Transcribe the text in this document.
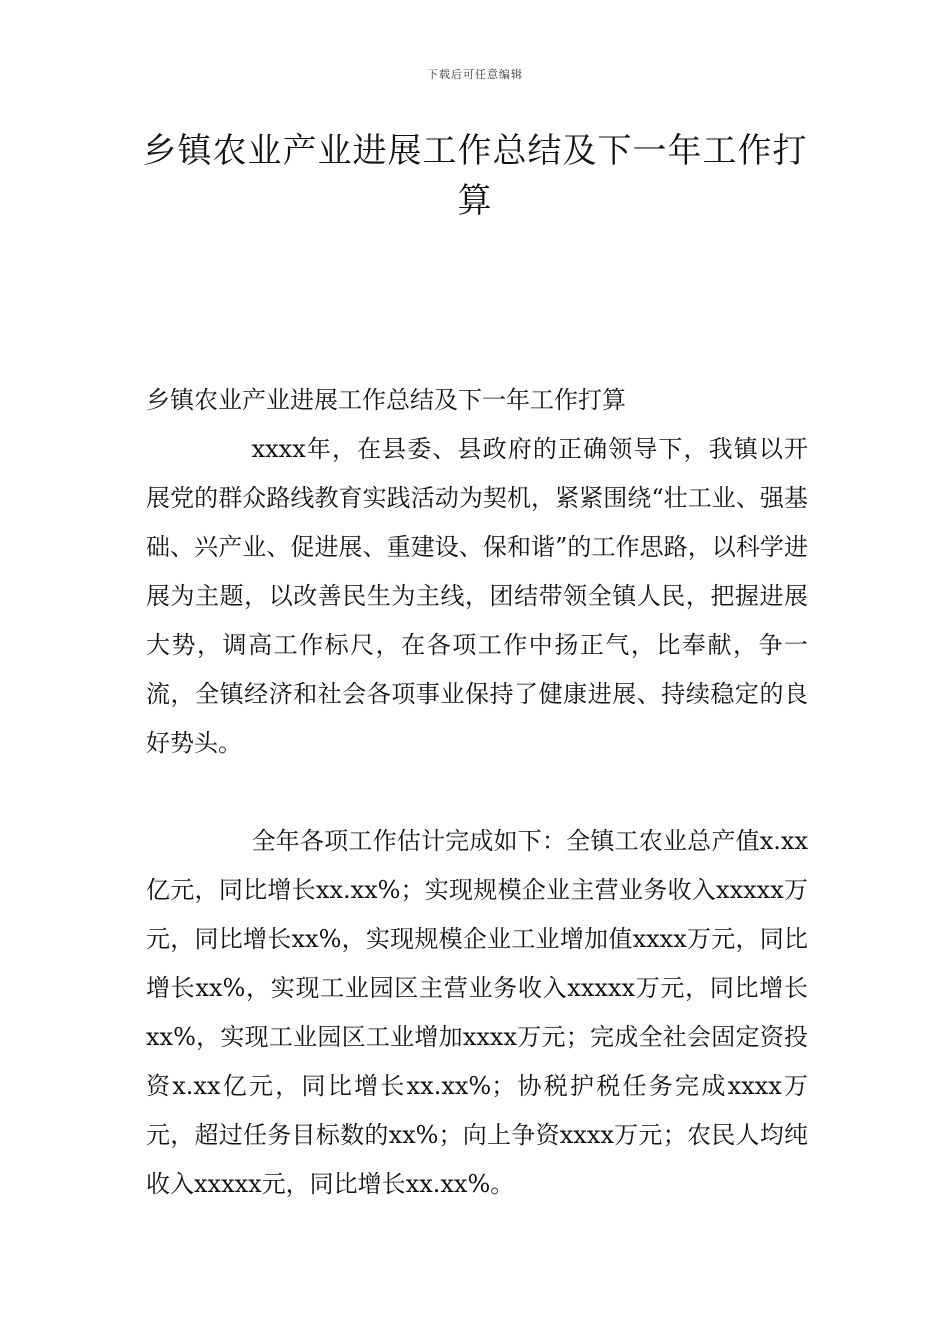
下载后可任意编辑
乡镇农业产业进展工作总结及下一年工作打算

乡镇农业产业进展工作总结及下一年工作打算

xxxx年，在县委、县政府的正确领导下，我镇以开展党的群众路线教育实践活动为契机，紧紧围绕“壮工业、强基础、兴产业、促进展、重建设、保和谐”的工作思路，以科学进展为主题，以改善民生为主线，团结带领全镇人民，把握进展大势，调高工作标尺，在各项工作中扬正气，比奉献，争一流，全镇经济和社会各项事业保持了健康进展、持续稳定的良好势头。

全年各项工作估计完成如下：全镇工农业总产值x.xx亿元，同比增长xx.xx%；实现规模企业主营业务收入xxxxx万元，同比增长xx%，实现规模企业工业增加值xxxx万元，同比增长xx%，实现工业园区主营业务收入xxxxx万元，同比增长xx%，实现工业园区工业增加xxxx万元；完成全社会固定资投资x.xx亿元，同比增长xx.xx%；协税护税任务完成xxxx万元，超过任务目标数的xx%；向上争资xxxx万元；农民人均纯收入xxxxx元，同比增长xx.xx%。
